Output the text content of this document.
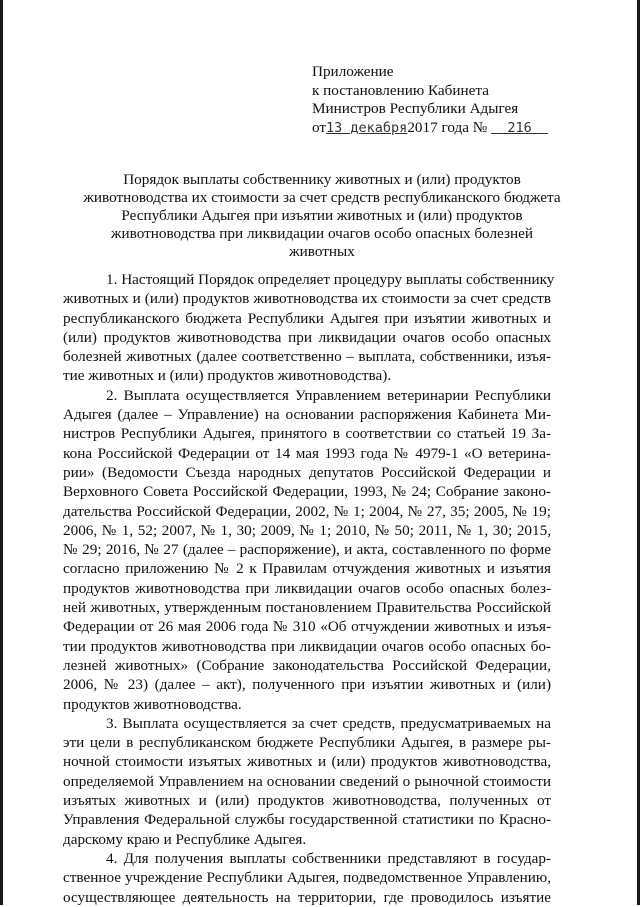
Приложение
к постановлению Кабинета
Министров Республики Адыгея
от13 декабря2017 года № 216
Порядок выплаты собственнику животных и (или) продуктов
животноводства их стоимости за счет средств республиканского бюджета
Республики Адыгея при изъятии животных и (или) продуктов
животноводства при ликвидации очагов особо опасных болезней
животных
1. Настоящий Порядок определяет процедуру выплаты собственнику
животных и (или) продуктов животноводства их стоимости за счет средств
республиканского бюджета Республики Адыгея при изъятии животных и
(или) продуктов животноводства при ликвидации очагов особо опасных
болезней животных (далее соответственно – выплата, собственники, изъя-
тие животных и (или) продуктов животноводства).
2. Выплата осуществляется Управлением ветеринарии Республики
Адыгея (далее – Управление) на основании распоряжения Кабинета Ми-
нистров Республики Адыгея, принятого в соответствии со статьей 19 За-
кона Российской Федерации от 14 мая 1993 года № 4979-1 «О ветерина-
рии» (Ведомости Съезда народных депутатов Российской Федерации и
Верховного Совета Российской Федерации, 1993, № 24; Собрание законо-
дательства Российской Федерации, 2002, № 1; 2004, № 27, 35; 2005, № 19;
2006, № 1, 52; 2007, № 1, 30; 2009, № 1; 2010, № 50; 2011, № 1, 30; 2015,
№ 29; 2016, № 27 (далее – распоряжение), и акта, составленного по форме
согласно приложению № 2 к Правилам отчуждения животных и изъятия
продуктов животноводства при ликвидации очагов особо опасных болез-
ней животных, утвержденным постановлением Правительства Российской
Федерации от 26 мая 2006 года № 310 «Об отчуждении животных и изъя-
тии продуктов животноводства при ликвидации очагов особо опасных бо-
лезней животных» (Собрание законодательства Российской Федерации,
2006, № 23) (далее – акт), полученного при изъятии животных и (или)
продуктов животноводства.
3. Выплата осуществляется за счет средств, предусматриваемых на
эти цели в республиканском бюджете Республики Адыгея, в размере ры-
ночной стоимости изъятых животных и (или) продуктов животноводства,
определяемой Управлением на основании сведений о рыночной стоимости
изъятых животных и (или) продуктов животноводства, полученных от
Управления Федеральной службы государственной статистики по Красно-
дарскому краю и Республике Адыгея.
4. Для получения выплаты собственники представляют в государ-
ственное учреждение Республики Адыгея, подведомственное Управлению,
осуществляющее деятельность на территории, где проводилось изъятие
